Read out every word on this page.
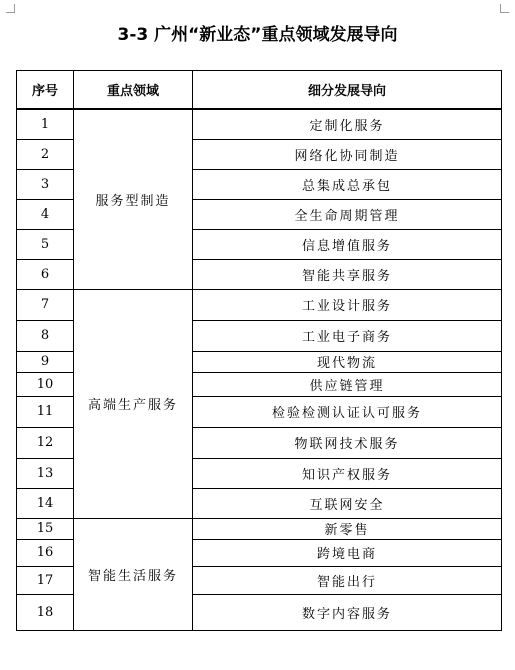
3-3 广州“新业态”重点领域发展导向
序号	重点领域	细分发展导向
1	服务型制造	定制化服务
2		网络化协同制造
3		总集成总承包
4		全生命周期管理
5		信息增值服务
6		智能共享服务
7	高端生产服务	工业设计服务
8		工业电子商务
9		现代物流
10		供应链管理
11		检验检测认证认可服务
12		物联网技术服务
13		知识产权服务
14		互联网安全
15	智能生活服务	新零售
16		跨境电商
17		智能出行
18		数字内容服务
